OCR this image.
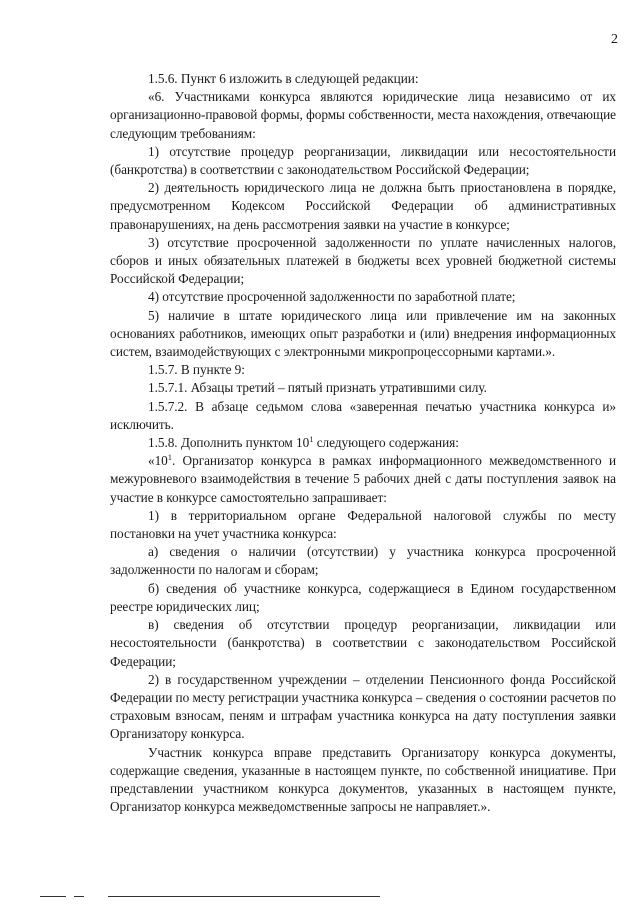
2

1.5.6. Пункт 6 изложить в следующей редакции:

«6. Участниками конкурса являются юридические лица независимо от их организационно-правовой формы, формы собственности, места нахождения, отвечающие следующим требованиям:

1) отсутствие процедур реорганизации, ликвидации или несостоятельности (банкротства) в соответствии с законодательством Российской Федерации;

2) деятельность юридического лица не должна быть приостановлена в порядке, предусмотренном Кодексом Российской Федерации об административных правонарушениях, на день рассмотрения заявки на участие в конкурсе;

3) отсутствие просроченной задолженности по уплате начисленных налогов, сборов и иных обязательных платежей в бюджеты всех уровней бюджетной системы Российской Федерации;

4) отсутствие просроченной задолженности по заработной плате;

5) наличие в штате юридического лица или привлечение им на законных основаниях работников, имеющих опыт разработки и (или) внедрения информационных систем, взаимодействующих с электронными микропроцессорными картами.».

1.5.7. В пункте 9:

1.5.7.1. Абзацы третий – пятый признать утратившими силу.

1.5.7.2. В абзаце седьмом слова «заверенная печатью участника конкурса и» исключить.

1.5.8. Дополнить пунктом $10^1$ следующего содержания:

«$10^1$. Организатор конкурса в рамках информационного межведомственного и межуровневого взаимодействия в течение 5 рабочих дней с даты поступления заявок на участие в конкурсе самостоятельно запрашивает:

1) в территориальном органе Федеральной налоговой службы по месту постановки на учет участника конкурса:

а) сведения о наличии (отсутствии) у участника конкурса просроченной задолженности по налогам и сборам;

б) сведения об участнике конкурса, содержащиеся в Едином государственном реестре юридических лиц;

в) сведения об отсутствии процедур реорганизации, ликвидации или несостоятельности (банкротства) в соответствии с законодательством Российской Федерации;

2) в государственном учреждении – отделении Пенсионного фонда Российской Федерации по месту регистрации участника конкурса – сведения о состоянии расчетов по страховым взносам, пеням и штрафам участника конкурса на дату поступления заявки Организатору конкурса.

Участник конкурса вправе представить Организатору конкурса документы, содержащие сведения, указанные в настоящем пункте, по собственной инициативе. При представлении участником конкурса документов, указанных в настоящем пункте, Организатор конкурса межведомственные запросы не направляет.».
